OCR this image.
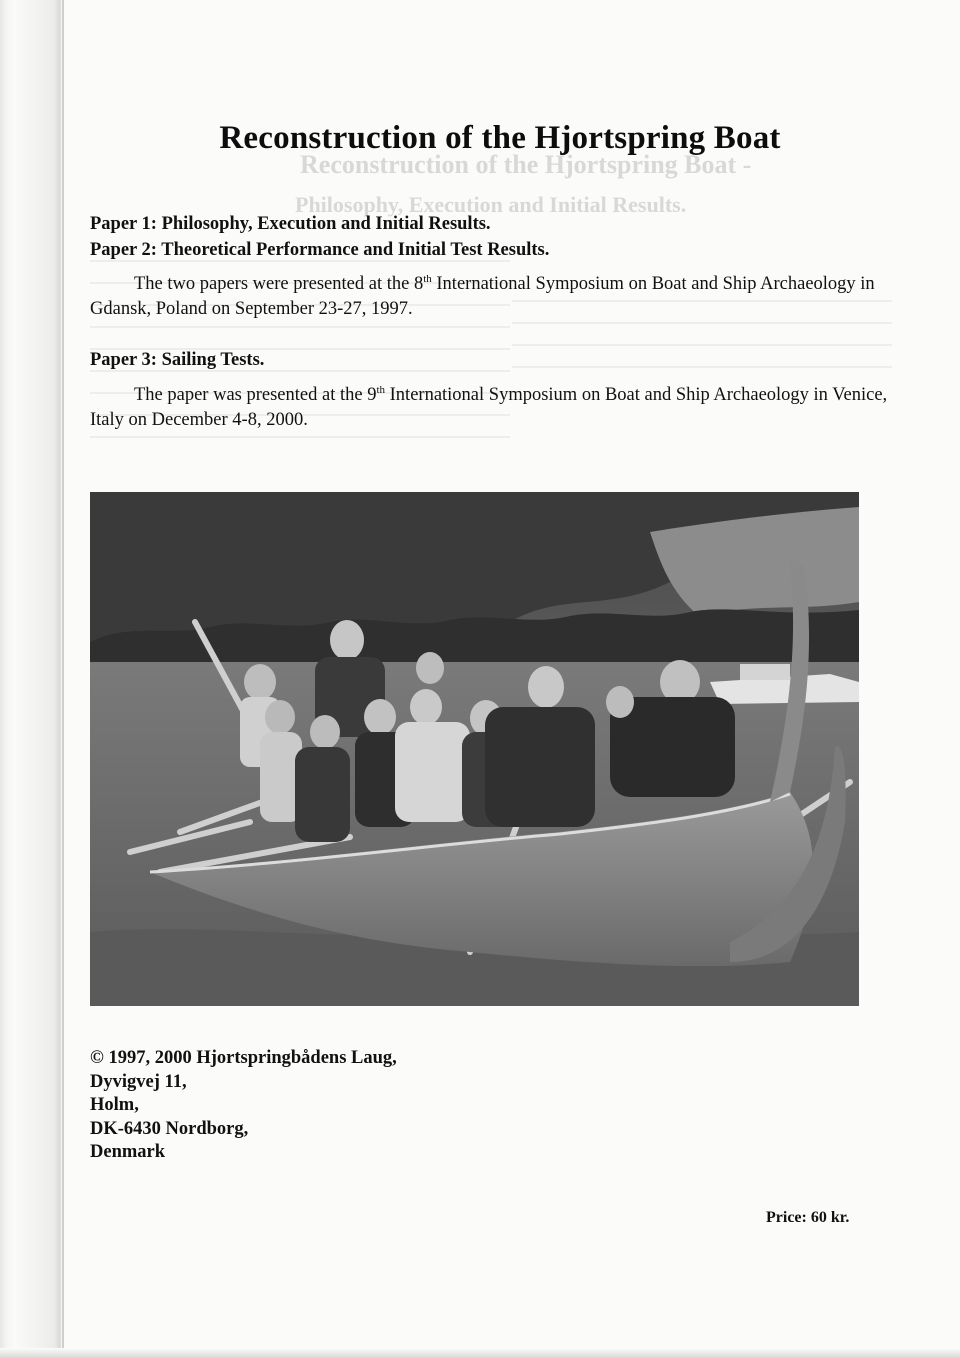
Reconstruction of the Hjortspring Boat -
Philosophy, Execution and Initial Results.
Reconstruction of the Hjortspring Boat
Paper 1: Philosophy, Execution and Initial Results.
Paper 2: Theoretical Performance and Initial Test Results.
The two papers were presented at the 8th International Symposium on Boat and Ship Archaeology in Gdansk, Poland on September 23-27, 1997.
Paper 3: Sailing Tests.
The paper was presented at the 9th International Symposium on Boat and Ship Archaeology in Venice, Italy on December 4-8, 2000.
© 1997, 2000 Hjortspringbådens Laug,
Dyvigvej 11,
Holm,
DK-6430 Nordborg,
Denmark
Price: 60 kr.
